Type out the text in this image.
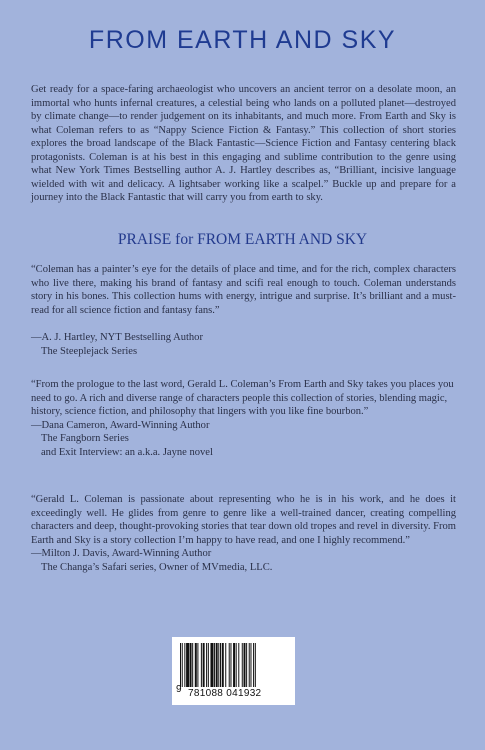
FROM EARTH AND SKY

Get ready for a space-faring archaeologist who uncovers an ancient terror on a desolate moon, an immortal who hunts infernal creatures, a celestial being who lands on a polluted planet—destroyed by climate change—to render judgement on its inhabitants, and much more. From Earth and Sky is what Coleman refers to as “Nappy Science Fiction & Fantasy.” This collection of short stories explores the broad landscape of the Black Fantastic—Science Fiction and Fantasy centering black protagonists. Coleman is at his best in this engaging and sublime contribution to the genre using what New York Times Bestselling author A. J. Hartley describes as, “Brilliant, incisive language wielded with wit and delicacy. A lightsaber working like a scalpel.” Buckle up and prepare for a journey into the Black Fantastic that will carry you from earth to sky.

PRAISE for FROM EARTH AND SKY

“Coleman has a painter’s eye for the details of place and time, and for the rich, complex characters who live there, making his brand of fantasy and scifi real enough to touch. Coleman understands story in his bones. This collection hums with energy, intrigue and surprise. It’s brilliant and a must-read for all science fiction and fantasy fans.”

—A. J. Hartley, NYT Bestselling Author

The Steeplejack Series

“From the prologue to the last word, Gerald L. Coleman’s From Earth and Sky takes you places you need to go. A rich and diverse range of characters people this collection of stories, blending magic, history, science fiction, and philosophy that lingers with you like fine bourbon.”

—Dana Cameron, Award-Winning Author

The Fangborn Series

and Exit Interview: an a.k.a. Jayne novel

“Gerald L. Coleman is passionate about representing who he is in his work, and he does it exceedingly well. He glides from genre to genre like a well-trained dancer, creating compelling characters and deep, thought-provoking stories that tear down old tropes and revel in diversity. From Earth and Sky is a story collection I’m happy to have read, and one I highly recommend.”

—Milton J. Davis, Award-Winning Author

The Changa’s Safari series, Owner of MVmedia, LLC.

9 781088 041932
